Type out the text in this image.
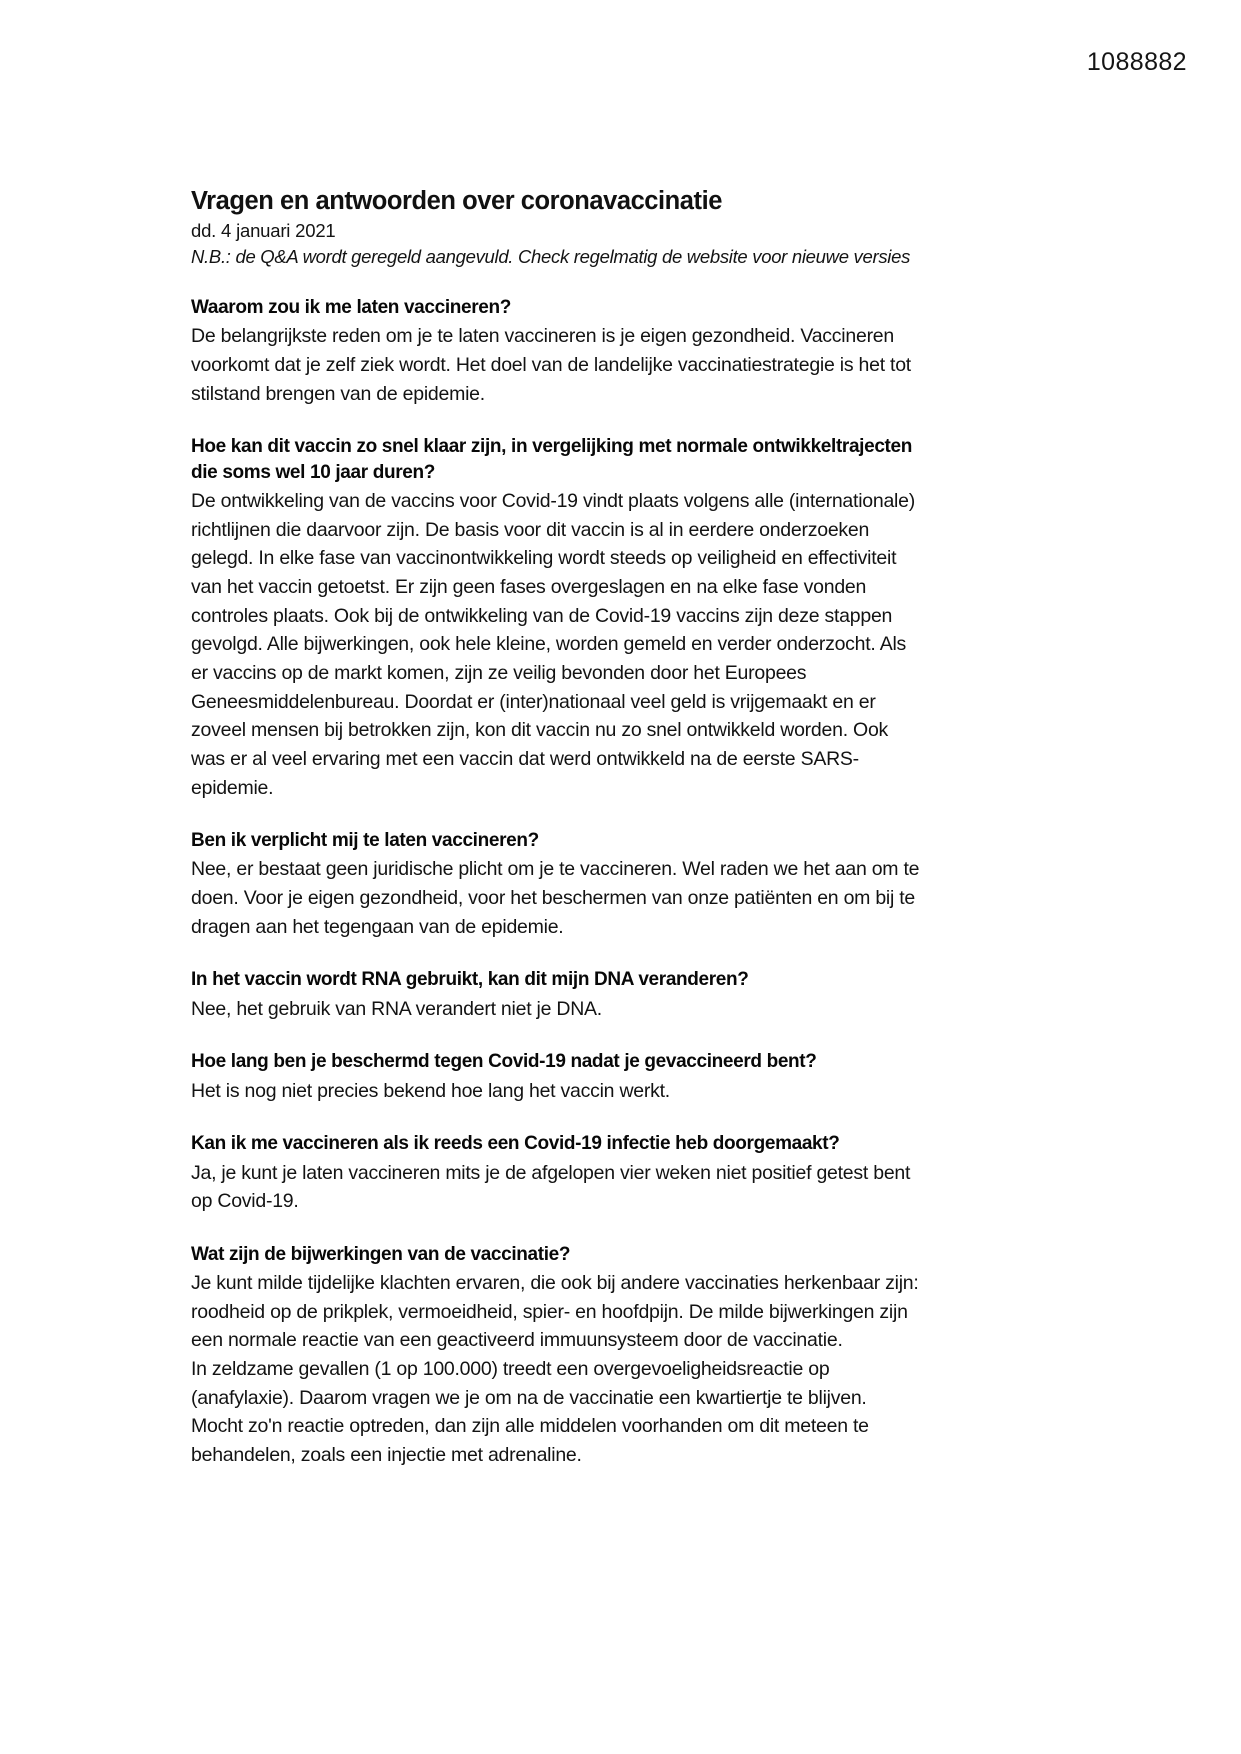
1088882
Vragen en antwoorden over coronavaccinatie
dd. 4 januari 2021
N.B.: de Q&A wordt geregeld aangevuld. Check regelmatig de website voor nieuwe versies
Waarom zou ik me laten vaccineren?
De belangrijkste reden om je te laten vaccineren is je eigen gezondheid. Vaccineren voorkomt dat je zelf ziek wordt. Het doel van de landelijke vaccinatiestrategie is het tot stilstand brengen van de epidemie.
Hoe kan dit vaccin zo snel klaar zijn, in vergelijking met normale ontwikkeltrajecten die soms wel 10 jaar duren?
De ontwikkeling van de vaccins voor Covid-19 vindt plaats volgens alle (internationale) richtlijnen die daarvoor zijn. De basis voor dit vaccin is al in eerdere onderzoeken gelegd. In elke fase van vaccinontwikkeling wordt steeds op veiligheid en effectiviteit van het vaccin getoetst. Er zijn geen fases overgeslagen en na elke fase vonden controles plaats. Ook bij de ontwikkeling van de Covid-19 vaccins zijn deze stappen gevolgd. Alle bijwerkingen, ook hele kleine, worden gemeld en verder onderzocht. Als er vaccins op de markt komen, zijn ze veilig bevonden door het Europees Geneesmiddelenbureau. Doordat er (inter)nationaal veel geld is vrijgemaakt en er zoveel mensen bij betrokken zijn, kon dit vaccin nu zo snel ontwikkeld worden. Ook was er al veel ervaring met een vaccin dat werd ontwikkeld na de eerste SARS-epidemie.
Ben ik verplicht mij te laten vaccineren?
Nee, er bestaat geen juridische plicht om je te vaccineren. Wel raden we het aan om te doen. Voor je eigen gezondheid, voor het beschermen van onze patiënten en om bij te dragen aan het tegengaan van de epidemie.
In het vaccin wordt RNA gebruikt, kan dit mijn DNA veranderen?
Nee, het gebruik van RNA verandert niet je DNA.
Hoe lang ben je beschermd tegen Covid-19 nadat je gevaccineerd bent?
Het is nog niet precies bekend hoe lang het vaccin werkt.
Kan ik me vaccineren als ik reeds een Covid-19 infectie heb doorgemaakt?
Ja, je kunt je laten vaccineren mits je de afgelopen vier weken niet positief getest bent op Covid-19.
Wat zijn de bijwerkingen van de vaccinatie?
Je kunt milde tijdelijke klachten ervaren, die ook bij andere vaccinaties herkenbaar zijn: roodheid op de prikplek, vermoeidheid, spier- en hoofdpijn. De milde bijwerkingen zijn een normale reactie van een geactiveerd immuunsysteem door de vaccinatie.
In zeldzame gevallen (1 op 100.000) treedt een overgevoeligheidsreactie op (anafylaxie). Daarom vragen we je om na de vaccinatie een kwartiertje te blijven. Mocht zo'n reactie optreden, dan zijn alle middelen voorhanden om dit meteen te behandelen, zoals een injectie met adrenaline.
